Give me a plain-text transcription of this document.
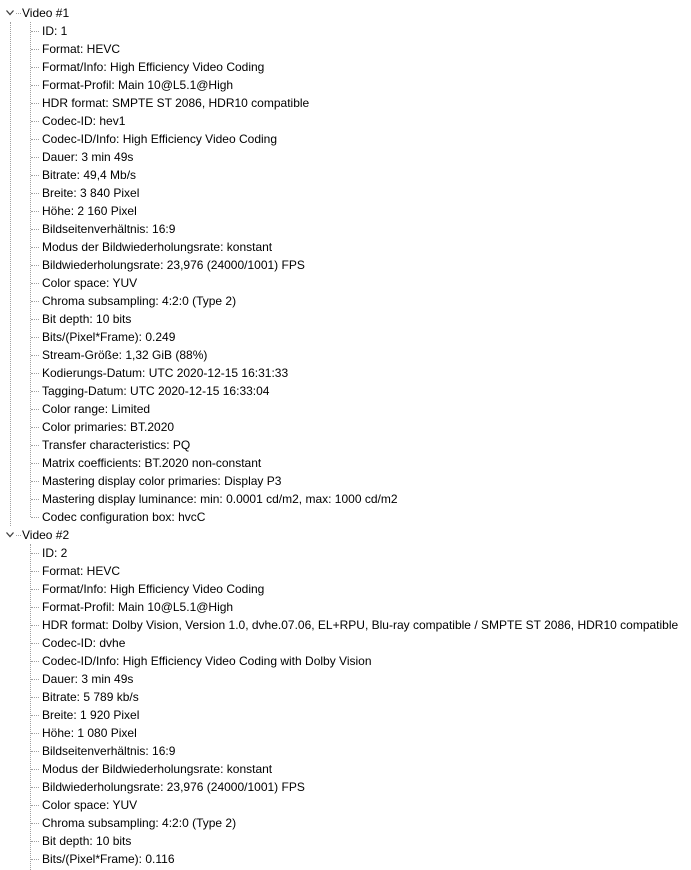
Video #1
ID: 1
Format: HEVC
Format/Info: High Efficiency Video Coding
Format-Profil: Main 10@L5.1@High
HDR format: SMPTE ST 2086, HDR10 compatible
Codec-ID: hev1
Codec-ID/Info: High Efficiency Video Coding
Dauer: 3 min 49s
Bitrate: 49,4 Mb/s
Breite: 3 840 Pixel
Höhe: 2 160 Pixel
Bildseitenverhältnis: 16:9
Modus der Bildwiederholungsrate: konstant
Bildwiederholungsrate: 23,976 (24000/1001) FPS
Color space: YUV
Chroma subsampling: 4:2:0 (Type 2)
Bit depth: 10 bits
Bits/(Pixel*Frame): 0.249
Stream-Größe: 1,32 GiB (88%)
Kodierungs-Datum: UTC 2020-12-15 16:31:33
Tagging-Datum: UTC 2020-12-15 16:33:04
Color range: Limited
Color primaries: BT.2020
Transfer characteristics: PQ
Matrix coefficients: BT.2020 non-constant
Mastering display color primaries: Display P3
Mastering display luminance: min: 0.0001 cd/m2, max: 1000 cd/m2
Codec configuration box: hvcC
Video #2
ID: 2
Format: HEVC
Format/Info: High Efficiency Video Coding
Format-Profil: Main 10@L5.1@High
HDR format: Dolby Vision, Version 1.0, dvhe.07.06, EL+RPU, Blu-ray compatible / SMPTE ST 2086, HDR10 compatible
Codec-ID: dvhe
Codec-ID/Info: High Efficiency Video Coding with Dolby Vision
Dauer: 3 min 49s
Bitrate: 5 789 kb/s
Breite: 1 920 Pixel
Höhe: 1 080 Pixel
Bildseitenverhältnis: 16:9
Modus der Bildwiederholungsrate: konstant
Bildwiederholungsrate: 23,976 (24000/1001) FPS
Color space: YUV
Chroma subsampling: 4:2:0 (Type 2)
Bit depth: 10 bits
Bits/(Pixel*Frame): 0.116
